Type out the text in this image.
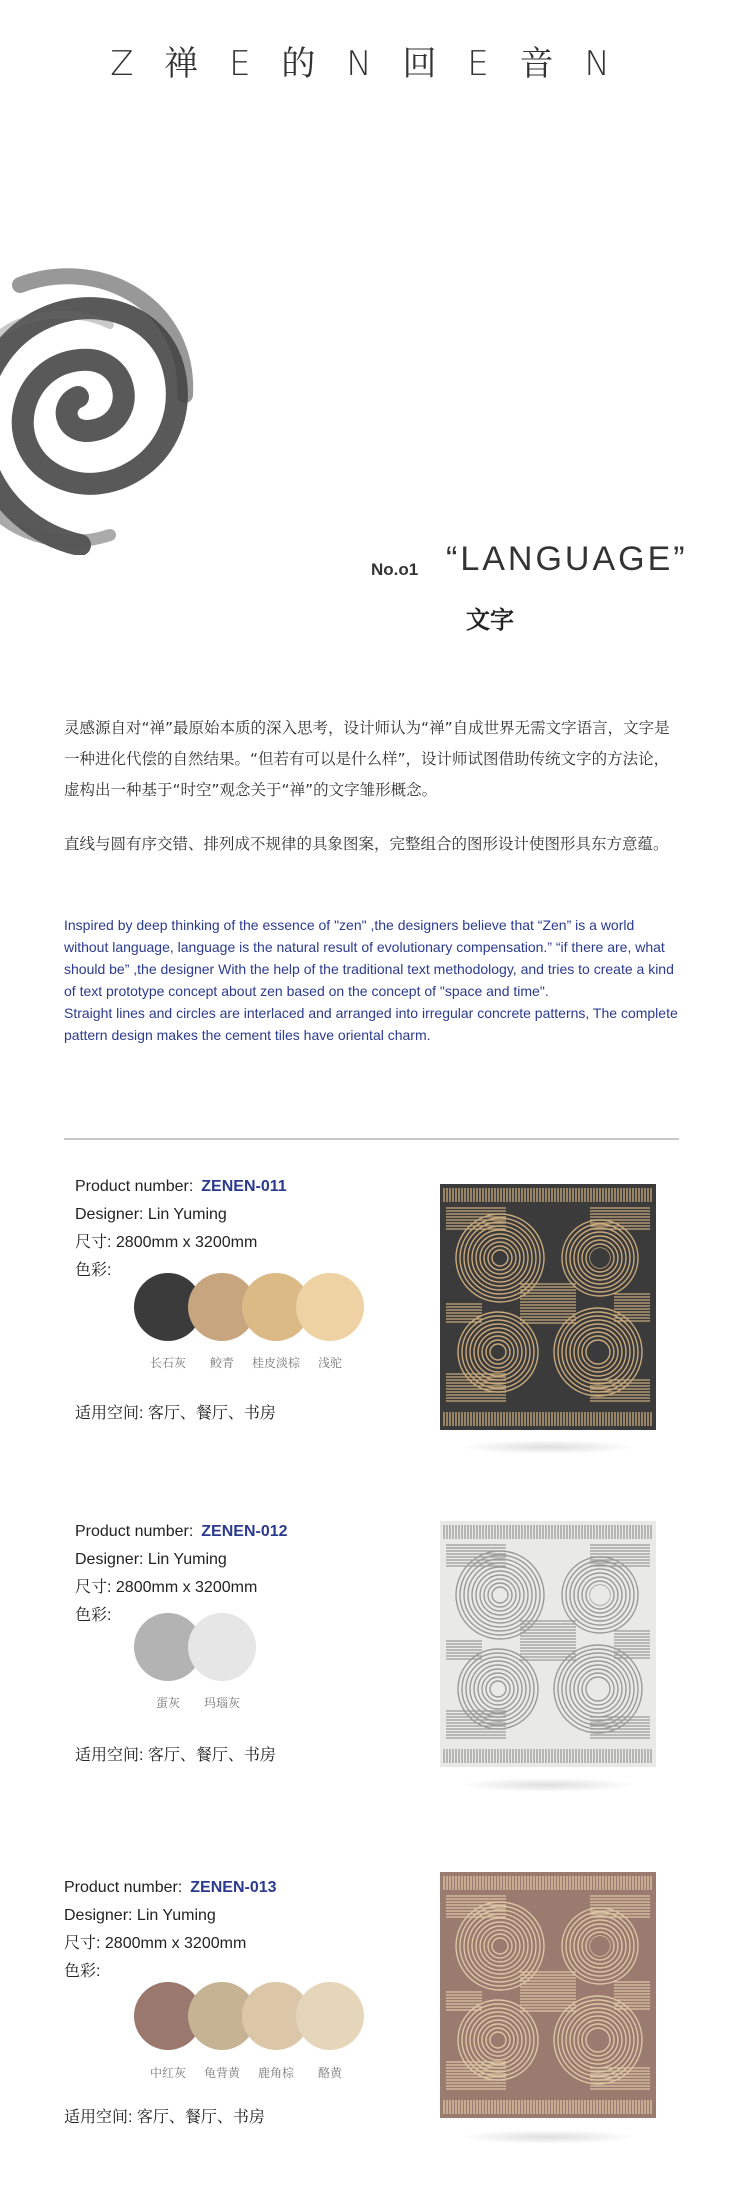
Z 禅 E 的 N 回 E 音 N
No.o1 “LANGUAGE”
文字
灵感源自对“禅”最原始本质的深入思考，设计师认为“禅”自成世界无需文字语言，文字是一种进化代偿的自然结果。“但若有可以是什么样”，设计师试图借助传统文字的方法论，虚构出一种基于“时空”观念关于“禅”的文字雏形概念。
直线与圆有序交错、排列成不规律的具象图案，完整组合的图形设计使图形具东方意蕴。

Inspired by deep thinking of the essence of "zen" ,the designers believe that “Zen” is a world without language, language is the natural result of evolutionary compensation.” “if there are, what should be” ,the designer With the help of the traditional text methodology, and tries to create a kind of text prototype concept about zen based on the concept of "space and time".

Straight lines and circles are interlaced and arranged into irregular concrete patterns, The complete pattern design makes the cement tiles have oriental charm.

Product number: ZENEN-011
Designer: Lin Yuming
尺寸: 2800mm x 3200mm
色彩:
长石灰	鲛青	桂皮淡棕	浅驼
适用空间: 客厅、餐厅、书房
Product number: ZENEN-012
Designer: Lin Yuming
尺寸: 2800mm x 3200mm
色彩:
蛋灰	玛瑙灰
适用空间: 客厅、餐厅、书房
Product number: ZENEN-013
Designer: Lin Yuming
尺寸: 2800mm x 3200mm
色彩:
中红灰	龟背黄	鹿角棕	酪黄
适用空间: 客厅、餐厅、书房
